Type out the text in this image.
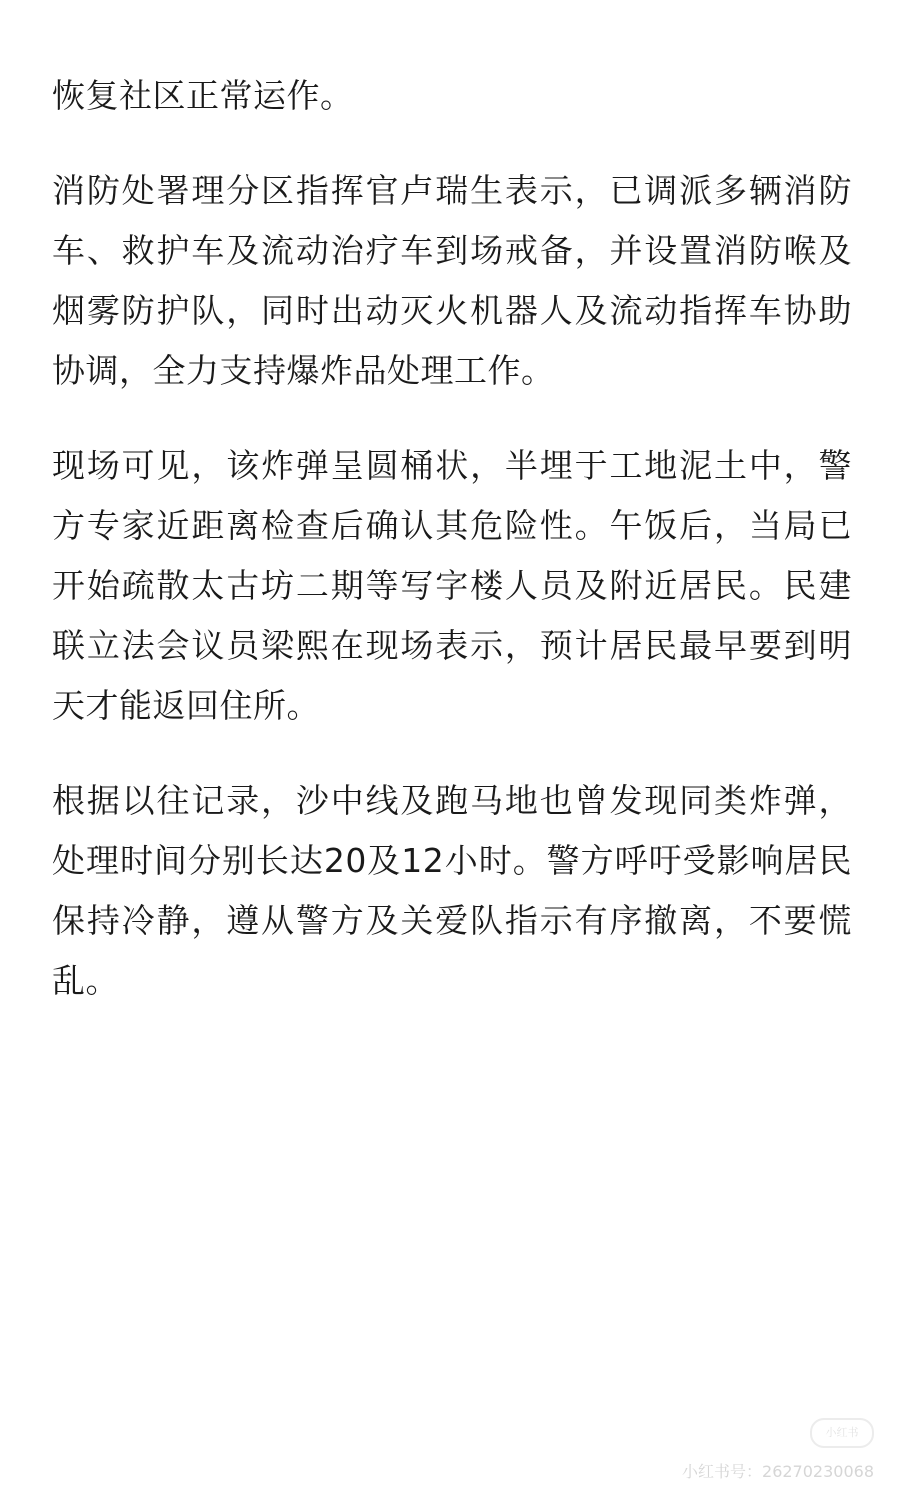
恢复社区正常运作。

消防处署理分区指挥官卢瑞生表示，已调派多辆消防车、救护车及流动治疗车到场戒备，并设置消防喉及烟雾防护队，同时出动灭火机器人及流动指挥车协助协调，全力支持爆炸品处理工作。

现场可见，该炸弹呈圆桶状，半埋于工地泥土中，警方专家近距离检查后确认其危险性。午饭后，当局已开始疏散太古坊二期等写字楼人员及附近居民。民建联立法会议员梁熙在现场表示，预计居民最早要到明天才能返回住所。

根据以往记录，沙中线及跑马地也曾发现同类炸弹，处理时间分别长达20及12小时。警方呼吁受影响居民保持冷静，遵从警方及关爱队指示有序撤离，不要慌乱。

小红书
小红书号：26270230068
